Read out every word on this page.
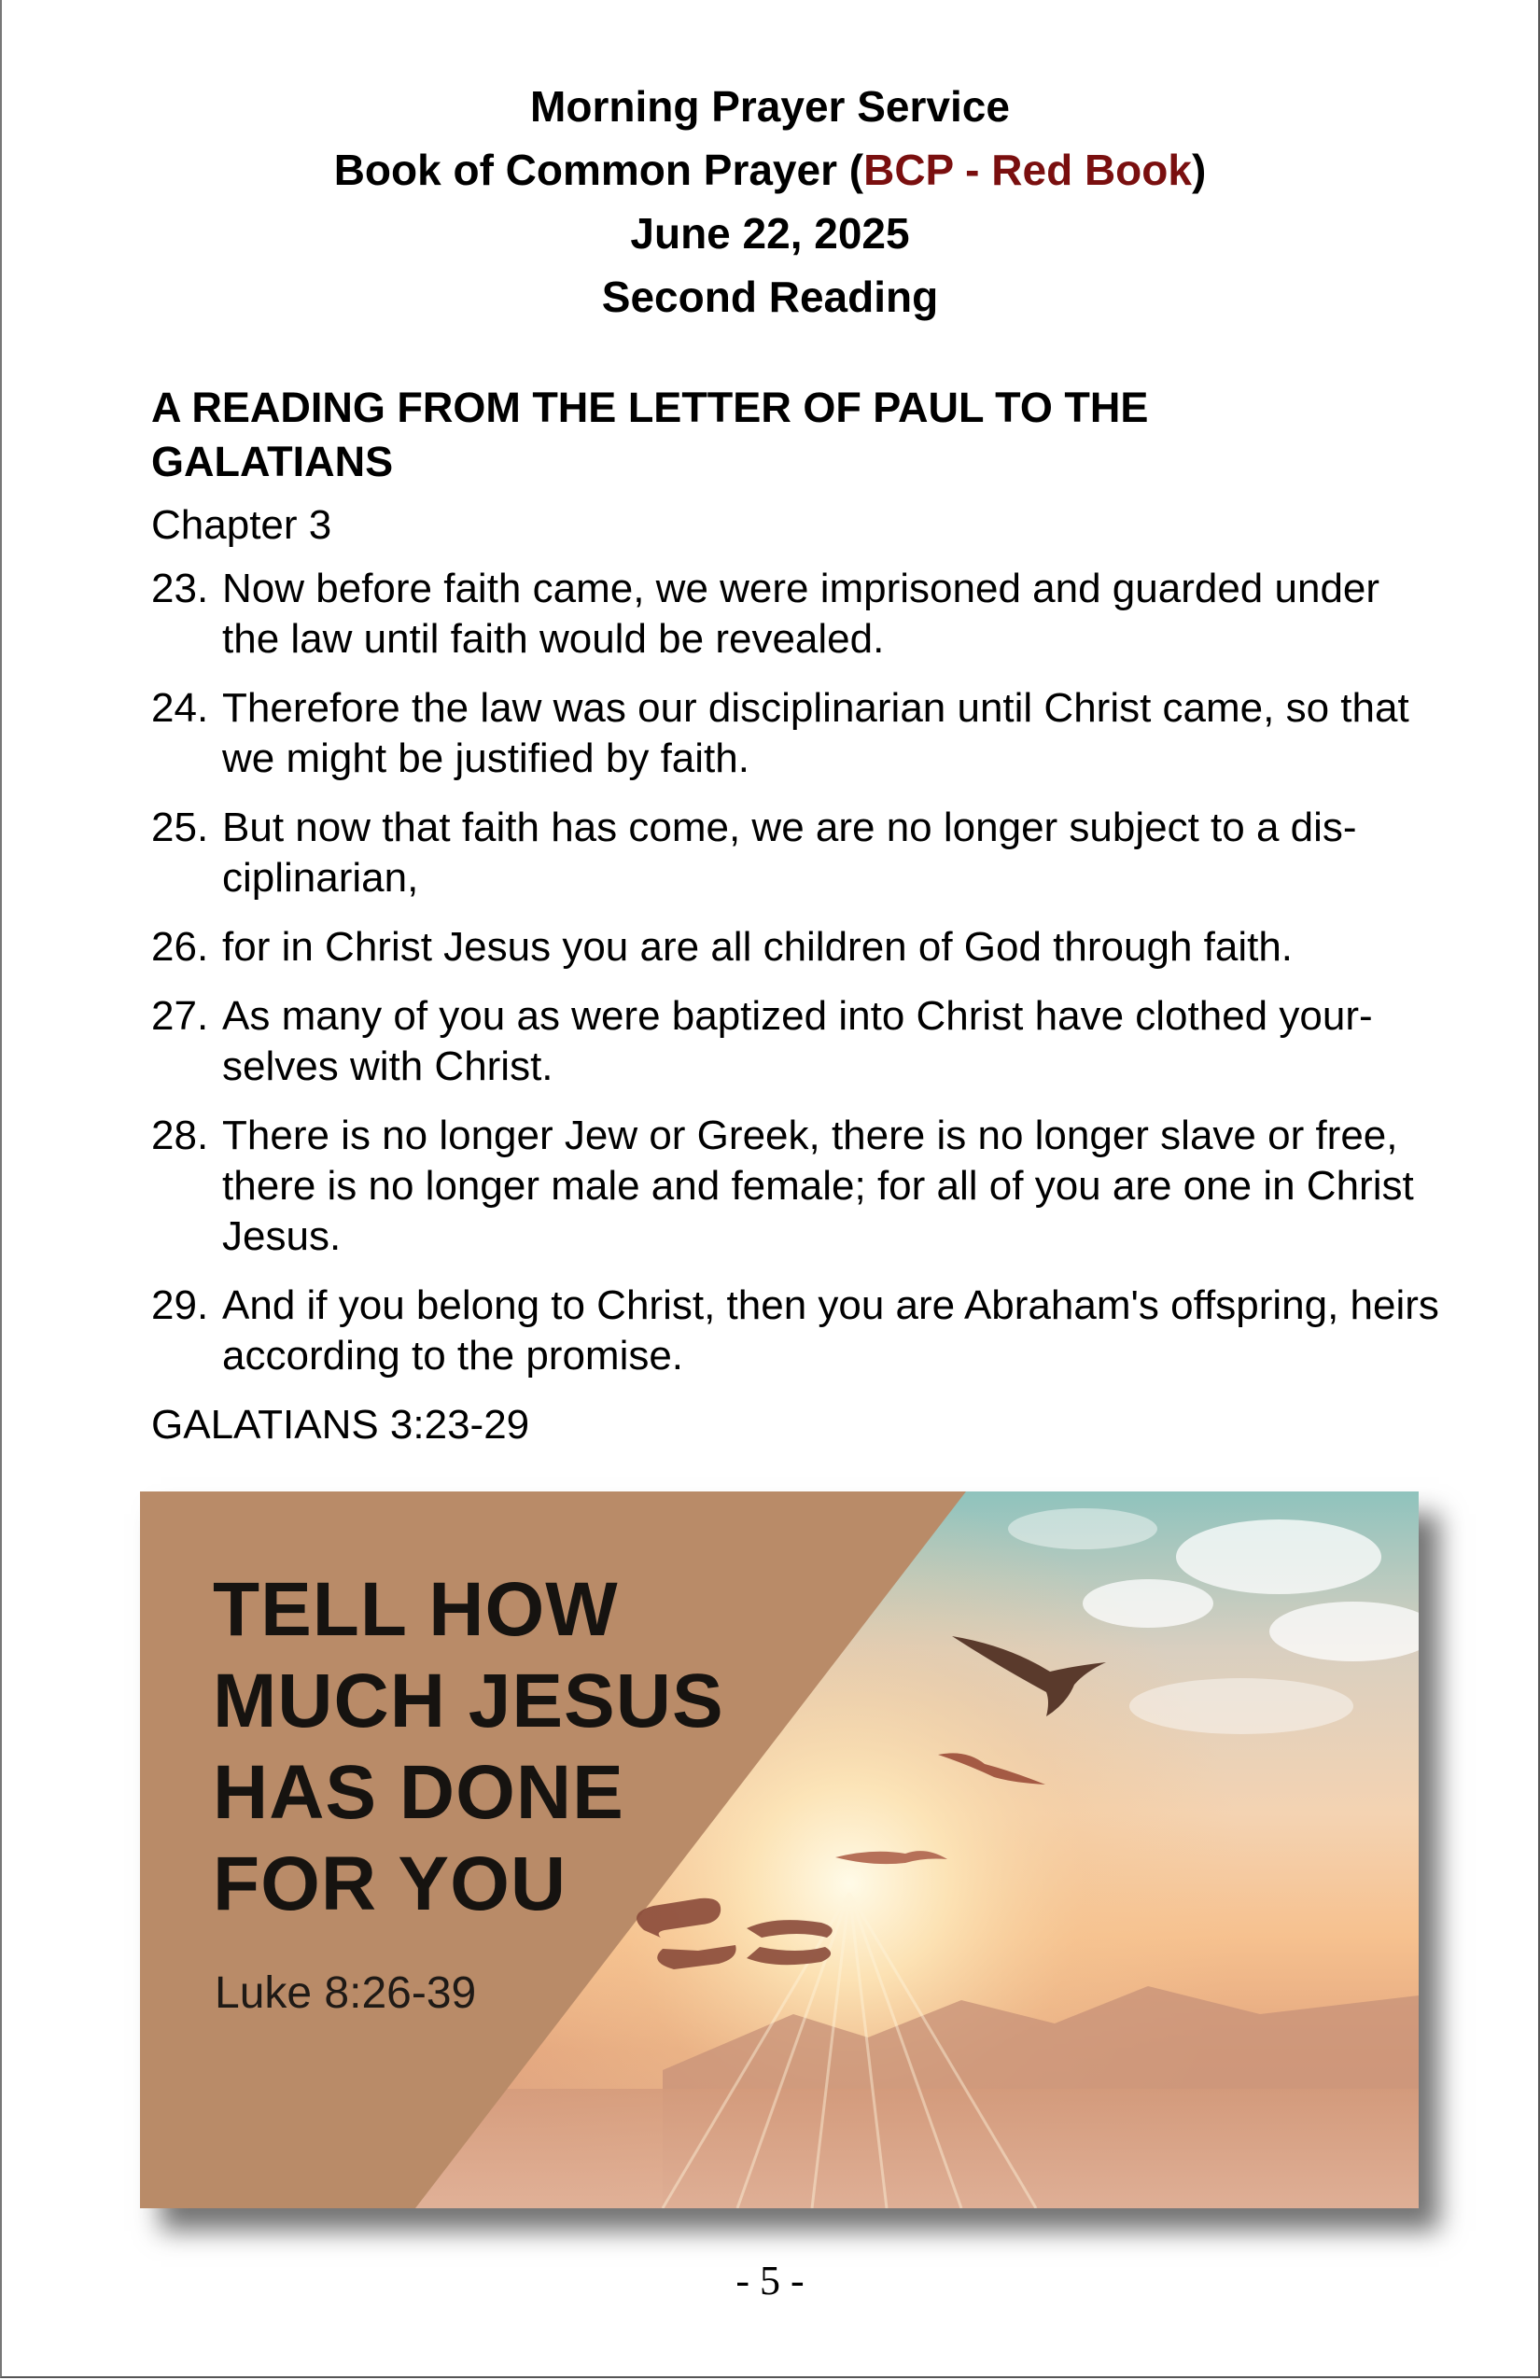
Morning Prayer Service
Book of Common Prayer (BCP - Red Book)
June 22, 2025
Second Reading
A READING FROM THE LETTER OF PAUL TO THE GALATIANS
Chapter 3
23. Now before faith came, we were imprisoned and guarded under the law until faith would be revealed.
24. Therefore the law was our disciplinarian until Christ came, so that we might be justified by faith.
25. But now that faith has come, we are no longer subject to a dis- ciplinarian,
26. for in Christ Jesus you are all children of God through faith.
27. As many of you as were baptized into Christ have clothed your- selves with Christ.
28. There is no longer Jew or Greek, there is no longer slave or free, there is no longer male and female; for all of you are one in Christ Jesus.
29. And if you belong to Christ, then you are Abraham's offspring, heirs according to the promise.
GALATIANS 3:23-29
TELL HOW
MUCH JESUS
HAS DONE
FOR YOU
Luke 8:26-39
- 5 -
